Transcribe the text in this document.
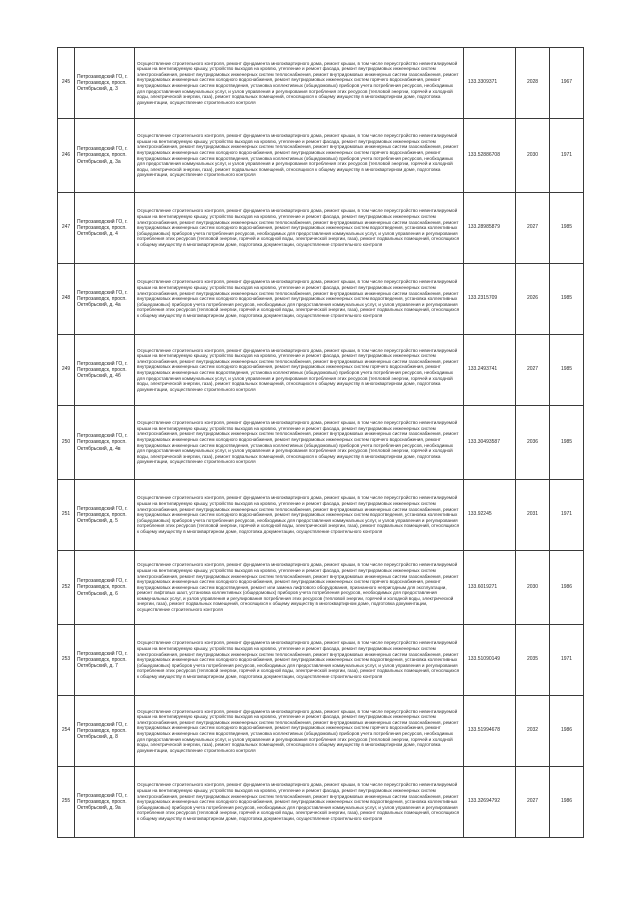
245	Петрозаводский ГО, г. Петрозаводск, просп. Октябрьский, д. 3	Осуществление строительного контроля, ремонт фундамента многоквартирного дома, ремонт крыши, в том числе переустройство невентилируемой крыши на вентилируемую крышу, устройство выходов на кровлю, утепление и ремонт фасада, ремонт внутридомовых инженерных систем электроснабжения, ремонт внутридомовых инженерных систем теплоснабжения, ремонт внутридомовых инженерных систем газоснабжения, ремонт внутридомовых инженерных систем холодного водоснабжения, ремонт внутридомовых инженерных систем горячего водоснабжения, ремонт внутридомовых инженерных систем водоотведения, установка коллективных (общедомовых) приборов учета потребления ресурсов, необходимых для предоставления коммунальных услуг, и узлов управления и регулирования потребления этих ресурсов (тепловой энергии, горячей и холодной воды, электрической энергии, газа), ремонт подвальных помещений, относящихся к общему имуществу в многоквартирном доме, подготовка документации, осуществление строительного контроля	133.3309371	2028	1967
246	Петрозаводский ГО, г. Петрозаводск, просп. Октябрьский, д. 3а	Осуществление строительного контроля, ремонт фундамента многоквартирного дома, ремонт крыши, в том числе переустройство невентилируемой крыши на вентилируемую крышу, устройство выходов на кровлю, утепление и ремонт фасада, ремонт внутридомовых инженерных систем электроснабжения, ремонт внутридомовых инженерных систем теплоснабжения, ремонт внутридомовых инженерных систем газоснабжения, ремонт внутридомовых инженерных систем холодного водоснабжения, ремонт внутридомовых инженерных систем горячего водоснабжения, ремонт внутридомовых инженерных систем водоотведения, установка коллективных (общедомовых) приборов учета потребления ресурсов, необходимых для предоставления коммунальных услуг, и узлов управления и регулирования потребления этих ресурсов (тепловой энергии, горячей и холодной воды, электрической энергии, газа), ремонт подвальных помещений, относящихся к общему имуществу в многоквартирном доме, подготовка документации, осуществление строительного контроля	133.52886708	2030	1971
247	Петрозаводский ГО, г. Петрозаводск, просп. Октябрьский, д. 4	Осуществление строительного контроля, ремонт фундамента многоквартирного дома, ремонт крыши, в том числе переустройство невентилируемой крыши на вентилируемую крышу, устройство выходов на кровлю, утепление и ремонт фасада, ремонт внутридомовых инженерных систем электроснабжения, ремонт внутридомовых инженерных систем теплоснабжения, ремонт внутридомовых инженерных систем газоснабжения, ремонт внутридомовых инженерных систем холодного водоснабжения, ремонт внутридомовых инженерных систем водоотведения, установка коллективных (общедомовых) приборов учета потребления ресурсов, необходимых для предоставления коммунальных услуг, и узлов управления и регулирования потребления этих ресурсов (тепловой энергии, горячей и холодной воды, электрической энергии, газа), ремонт подвальных помещений, относящихся к общему имуществу в многоквартирном доме, подготовка документации, осуществление строительного контроля	133.28985879	2027	1985
248	Петрозаводский ГО, г. Петрозаводск, просп. Октябрьский, д. 4а	Осуществление строительного контроля, ремонт фундамента многоквартирного дома, ремонт крыши, в том числе переустройство невентилируемой крыши на вентилируемую крышу, устройство выходов на кровлю, утепление и ремонт фасада, ремонт внутридомовых инженерных систем электроснабжения, ремонт внутридомовых инженерных систем теплоснабжения, ремонт внутридомовых инженерных систем газоснабжения, ремонт внутридомовых инженерных систем холодного водоснабжения, ремонт внутридомовых инженерных систем водоотведения, установка коллективных (общедомовых) приборов учета потребления ресурсов, необходимых для предоставления коммунальных услуг, и узлов управления и регулирования потребления этих ресурсов (тепловой энергии, горячей и холодной воды, электрической энергии, газа), ремонт подвальных помещений, относящихся к общему имуществу в многоквартирном доме, подготовка документации, осуществление строительного контроля	133.2315709	2026	1985
249	Петрозаводский ГО, г. Петрозаводск, просп. Октябрьский, д. 4б	Осуществление строительного контроля, ремонт фундамента многоквартирного дома, ремонт крыши, в том числе переустройство невентилируемой крыши на вентилируемую крышу, устройство выходов на кровлю, утепление и ремонт фасада, ремонт внутридомовых инженерных систем электроснабжения, ремонт внутридомовых инженерных систем теплоснабжения, ремонт внутридомовых инженерных систем газоснабжения, ремонт внутридомовых инженерных систем холодного водоснабжения, ремонт внутридомовых инженерных систем горячего водоснабжения, ремонт внутридомовых инженерных систем водоотведения, установка коллективных (общедомовых) приборов учета потребления ресурсов, необходимых для предоставления коммунальных услуг, и узлов управления и регулирования потребления этих ресурсов (тепловой энергии, горячей и холодной воды, электрической энергии, газа), ремонт подвальных помещений, относящихся к общему имуществу в многоквартирном доме, подготовка документации, осуществление строительного контроля	133.2493741	2027	1985
250	Петрозаводский ГО, г. Петрозаводск, просп. Октябрьский, д. 4в	Осуществление строительного контроля, ремонт фундамента многоквартирного дома, ремонт крыши, в том числе переустройство невентилируемой крыши на вентилируемую крышу, устройство выходов на кровлю, утепление и ремонт фасада, ремонт внутридомовых инженерных систем электроснабжения, ремонт внутридомовых инженерных систем теплоснабжения, ремонт внутридомовых инженерных систем газоснабжения, ремонт внутридомовых инженерных систем холодного водоснабжения, ремонт внутридомовых инженерных систем горячего водоснабжения, ремонт внутридомовых инженерных систем водоотведения, установка коллективных (общедомовых) приборов учета потребления ресурсов, необходимых для предоставления коммунальных услуг, и узлов управления и регулирования потребления этих ресурсов (тепловой энергии, горячей и холодной воды, электрической энергии, газа), ремонт подвальных помещений, относящихся к общему имуществу в многоквартирном доме, подготовка документации, осуществление строительного контроля	133.30493587	2036	1985
251	Петрозаводский ГО, г. Петрозаводск, просп. Октябрьский, д. 5	Осуществление строительного контроля, ремонт фундамента многоквартирного дома, ремонт крыши, в том числе переустройство невентилируемой крыши на вентилируемую крышу, устройство выходов на кровлю, утепление и ремонт фасада, ремонт внутридомовых инженерных систем электроснабжения, ремонт внутридомовых инженерных систем теплоснабжения, ремонт внутридомовых инженерных систем газоснабжения, ремонт внутридомовых инженерных систем холодного водоснабжения, ремонт внутридомовых инженерных систем водоотведения, установка коллективных (общедомовых) приборов учета потребления ресурсов, необходимых для предоставления коммунальных услуг, и узлов управления и регулирования потребления этих ресурсов (тепловой энергии, горячей и холодной воды, электрической энергии, газа), ремонт подвальных помещений, относящихся к общему имуществу в многоквартирном доме, подготовка документации, осуществление строительного контроля	133.92245	2031	1971
252	Петрозаводский ГО, г. Петрозаводск, просп. Октябрьский, д. 6	Осуществление строительного контроля, ремонт фундамента многоквартирного дома, ремонт крыши, в том числе переустройство невентилируемой крыши на вентилируемую крышу, устройство выходов на кровлю, утепление и ремонт фасада, ремонт внутридомовых инженерных систем электроснабжения, ремонт внутридомовых инженерных систем теплоснабжения, ремонт внутридомовых инженерных систем газоснабжения, ремонт внутридомовых инженерных систем холодного водоснабжения, ремонт внутридомовых инженерных систем горячего водоснабжения, ремонт внутридомовых инженерных систем водоотведения, ремонт или замена лифтового оборудования, признанного непригодным для эксплуатации, ремонт лифтовых шахт, установка коллективных (общедомовых) приборов учета потребления ресурсов, необходимых для предоставления коммунальных услуг, и узлов управления и регулирования потребления этих ресурсов (тепловой энергии, горячей и холодной воды, электрической энергии, газа), ремонт подвальных помещений, относящихся к общему имуществу в многоквартирном доме, подготовка документации, осуществление строительного контроля	133.6019271	2030	1986
253	Петрозаводский ГО, г. Петрозаводск, просп. Октябрьский, д. 7	Осуществление строительного контроля, ремонт фундамента многоквартирного дома, ремонт крыши, в том числе переустройство невентилируемой крыши на вентилируемую крышу, устройство выходов на кровлю, утепление и ремонт фасада, ремонт внутридомовых инженерных систем электроснабжения, ремонт внутридомовых инженерных систем теплоснабжения, ремонт внутридомовых инженерных систем газоснабжения, ремонт внутридомовых инженерных систем холодного водоснабжения, ремонт внутридомовых инженерных систем водоотведения, установка коллективных (общедомовых) приборов учета потребления ресурсов, необходимых для предоставления коммунальных услуг, и узлов управления и регулирования потребления этих ресурсов (тепловой энергии, горячей и холодной воды, электрической энергии, газа), ремонт подвальных помещений, относящихся к общему имуществу в многоквартирном доме, подготовка документации, осуществление строительного контроля	133.51090149	2035	1971
254	Петрозаводский ГО, г. Петрозаводск, просп. Октябрьский, д. 8	Осуществление строительного контроля, ремонт фундамента многоквартирного дома, ремонт крыши, в том числе переустройство невентилируемой крыши на вентилируемую крышу, устройство выходов на кровлю, утепление и ремонт фасада, ремонт внутридомовых инженерных систем электроснабжения, ремонт внутридомовых инженерных систем теплоснабжения, ремонт внутридомовых инженерных систем газоснабжения, ремонт внутридомовых инженерных систем холодного водоснабжения, ремонт внутридомовых инженерных систем горячего водоснабжения, ремонт внутридомовых инженерных систем водоотведения, установка коллективных (общедомовых) приборов учета потребления ресурсов, необходимых для предоставления коммунальных услуг, и узлов управления и регулирования потребления этих ресурсов (тепловой энергии, горячей и холодной воды, электрической энергии, газа), ремонт подвальных помещений, относящихся к общему имуществу в многоквартирном доме, подготовка документации, осуществление строительного контроля	133.51994678	2032	1986
255	Петрозаводский ГО, г. Петрозаводск, просп. Октябрьский, д. 9а	Осуществление строительного контроля, ремонт фундамента многоквартирного дома, ремонт крыши, в том числе переустройство невентилируемой крыши на вентилируемую крышу, устройство выходов на кровлю, утепление и ремонт фасада, ремонт внутридомовых инженерных систем электроснабжения, ремонт внутридомовых инженерных систем теплоснабжения, ремонт внутридомовых инженерных систем газоснабжения, ремонт внутридомовых инженерных систем холодного водоснабжения, ремонт внутридомовых инженерных систем водоотведения, установка коллективных (общедомовых) приборов учета потребления ресурсов, необходимых для предоставления коммунальных услуг, и узлов управления и регулирования потребления этих ресурсов (тепловой энергии, горячей и холодной воды, электрической энергии, газа), ремонт подвальных помещений, относящихся к общему имуществу в многоквартирном доме, подготовка документации, осуществление строительного контроля	133.32694792	2027	1986
